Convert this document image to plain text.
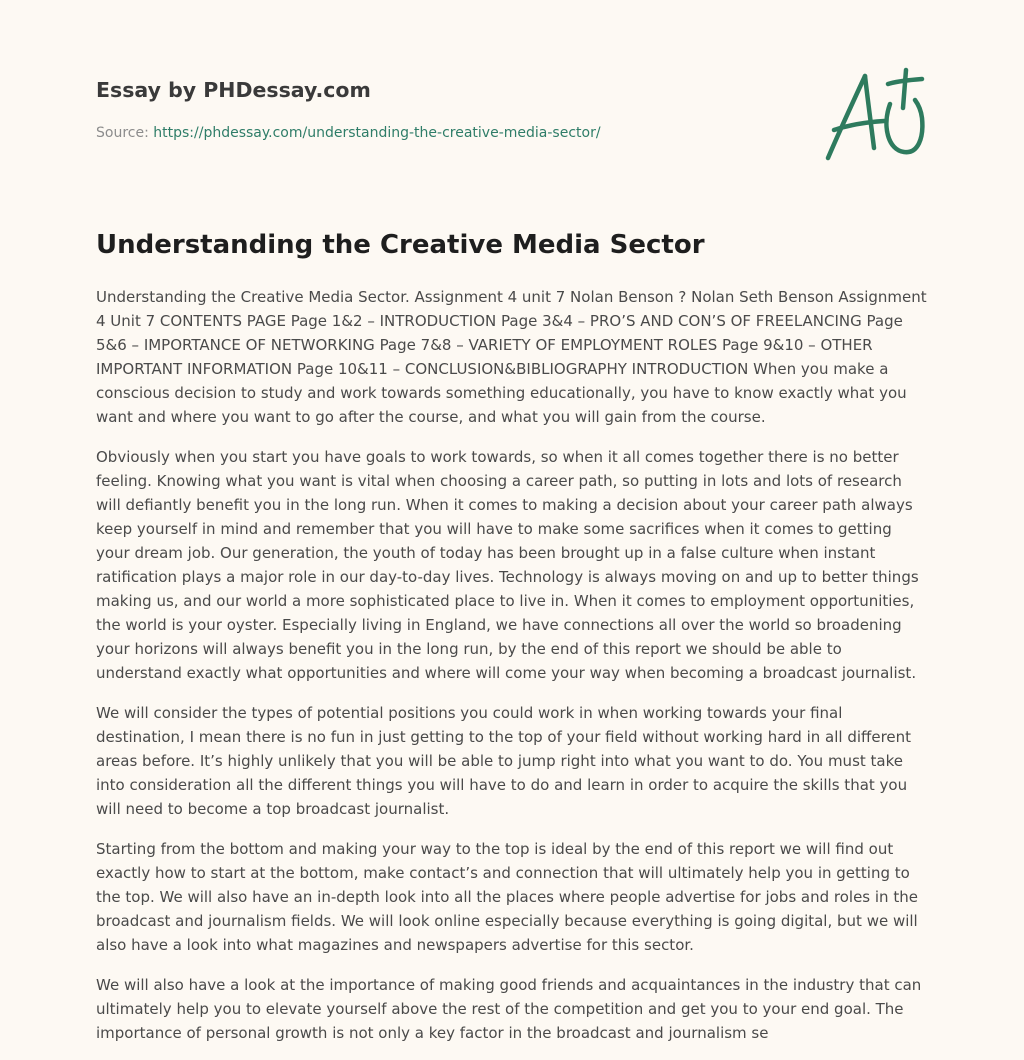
Essay by PHDessay.com
Source: https://phdessay.com/understanding-the-creative-media-sector/
Understanding the Creative Media Sector

Understanding the Creative Media Sector. Assignment 4 unit 7 Nolan Benson ? Nolan Seth Benson Assignment 4 Unit 7 CONTENTS PAGE Page 1&2 – INTRODUCTION Page 3&4 – PRO’S AND CON’S OF FREELANCING Page 5&6 – IMPORTANCE OF NETWORKING Page 7&8 – VARIETY OF EMPLOYMENT ROLES Page 9&10 – OTHER IMPORTANT INFORMATION Page 10&11 – CONCLUSION&BIBLIOGRAPHY INTRODUCTION When you make a conscious decision to study and work towards something educationally, you have to know exactly what you want and where you want to go after the course, and what you will gain from the course.

Obviously when you start you have goals to work towards, so when it all comes together there is no better feeling. Knowing what you want is vital when choosing a career path, so putting in lots and lots of research will defiantly benefit you in the long run. When it comes to making a decision about your career path always keep yourself in mind and remember that you will have to make some sacrifices when it comes to getting your dream job. Our generation, the youth of today has been brought up in a false culture when instant ratification plays a major role in our day-to-day lives. Technology is always moving on and up to better things making us, and our world a more sophisticated place to live in. When it comes to employment opportunities, the world is your oyster. Especially living in England, we have connections all over the world so broadening your horizons will always benefit you in the long run, by the end of this report we should be able to understand exactly what opportunities and where will come your way when becoming a broadcast journalist.

We will consider the types of potential positions you could work in when working towards your final destination, I mean there is no fun in just getting to the top of your field without working hard in all different areas before. It’s highly unlikely that you will be able to jump right into what you want to do. You must take into consideration all the different things you will have to do and learn in order to acquire the skills that you will need to become a top broadcast journalist.

Starting from the bottom and making your way to the top is ideal by the end of this report we will find out exactly how to start at the bottom, make contact’s and connection that will ultimately help you in getting to the top. We will also have an in-depth look into all the places where people advertise for jobs and roles in the broadcast and journalism fields. We will look online especially because everything is going digital, but we will also have a look into what magazines and newspapers advertise for this sector.

We will also have a look at the importance of making good friends and acquaintances in the industry that can ultimately help you to elevate yourself above the rest of the competition and get you to your end goal. The importance of personal growth is not only a key factor in the broadcast and journalism se
